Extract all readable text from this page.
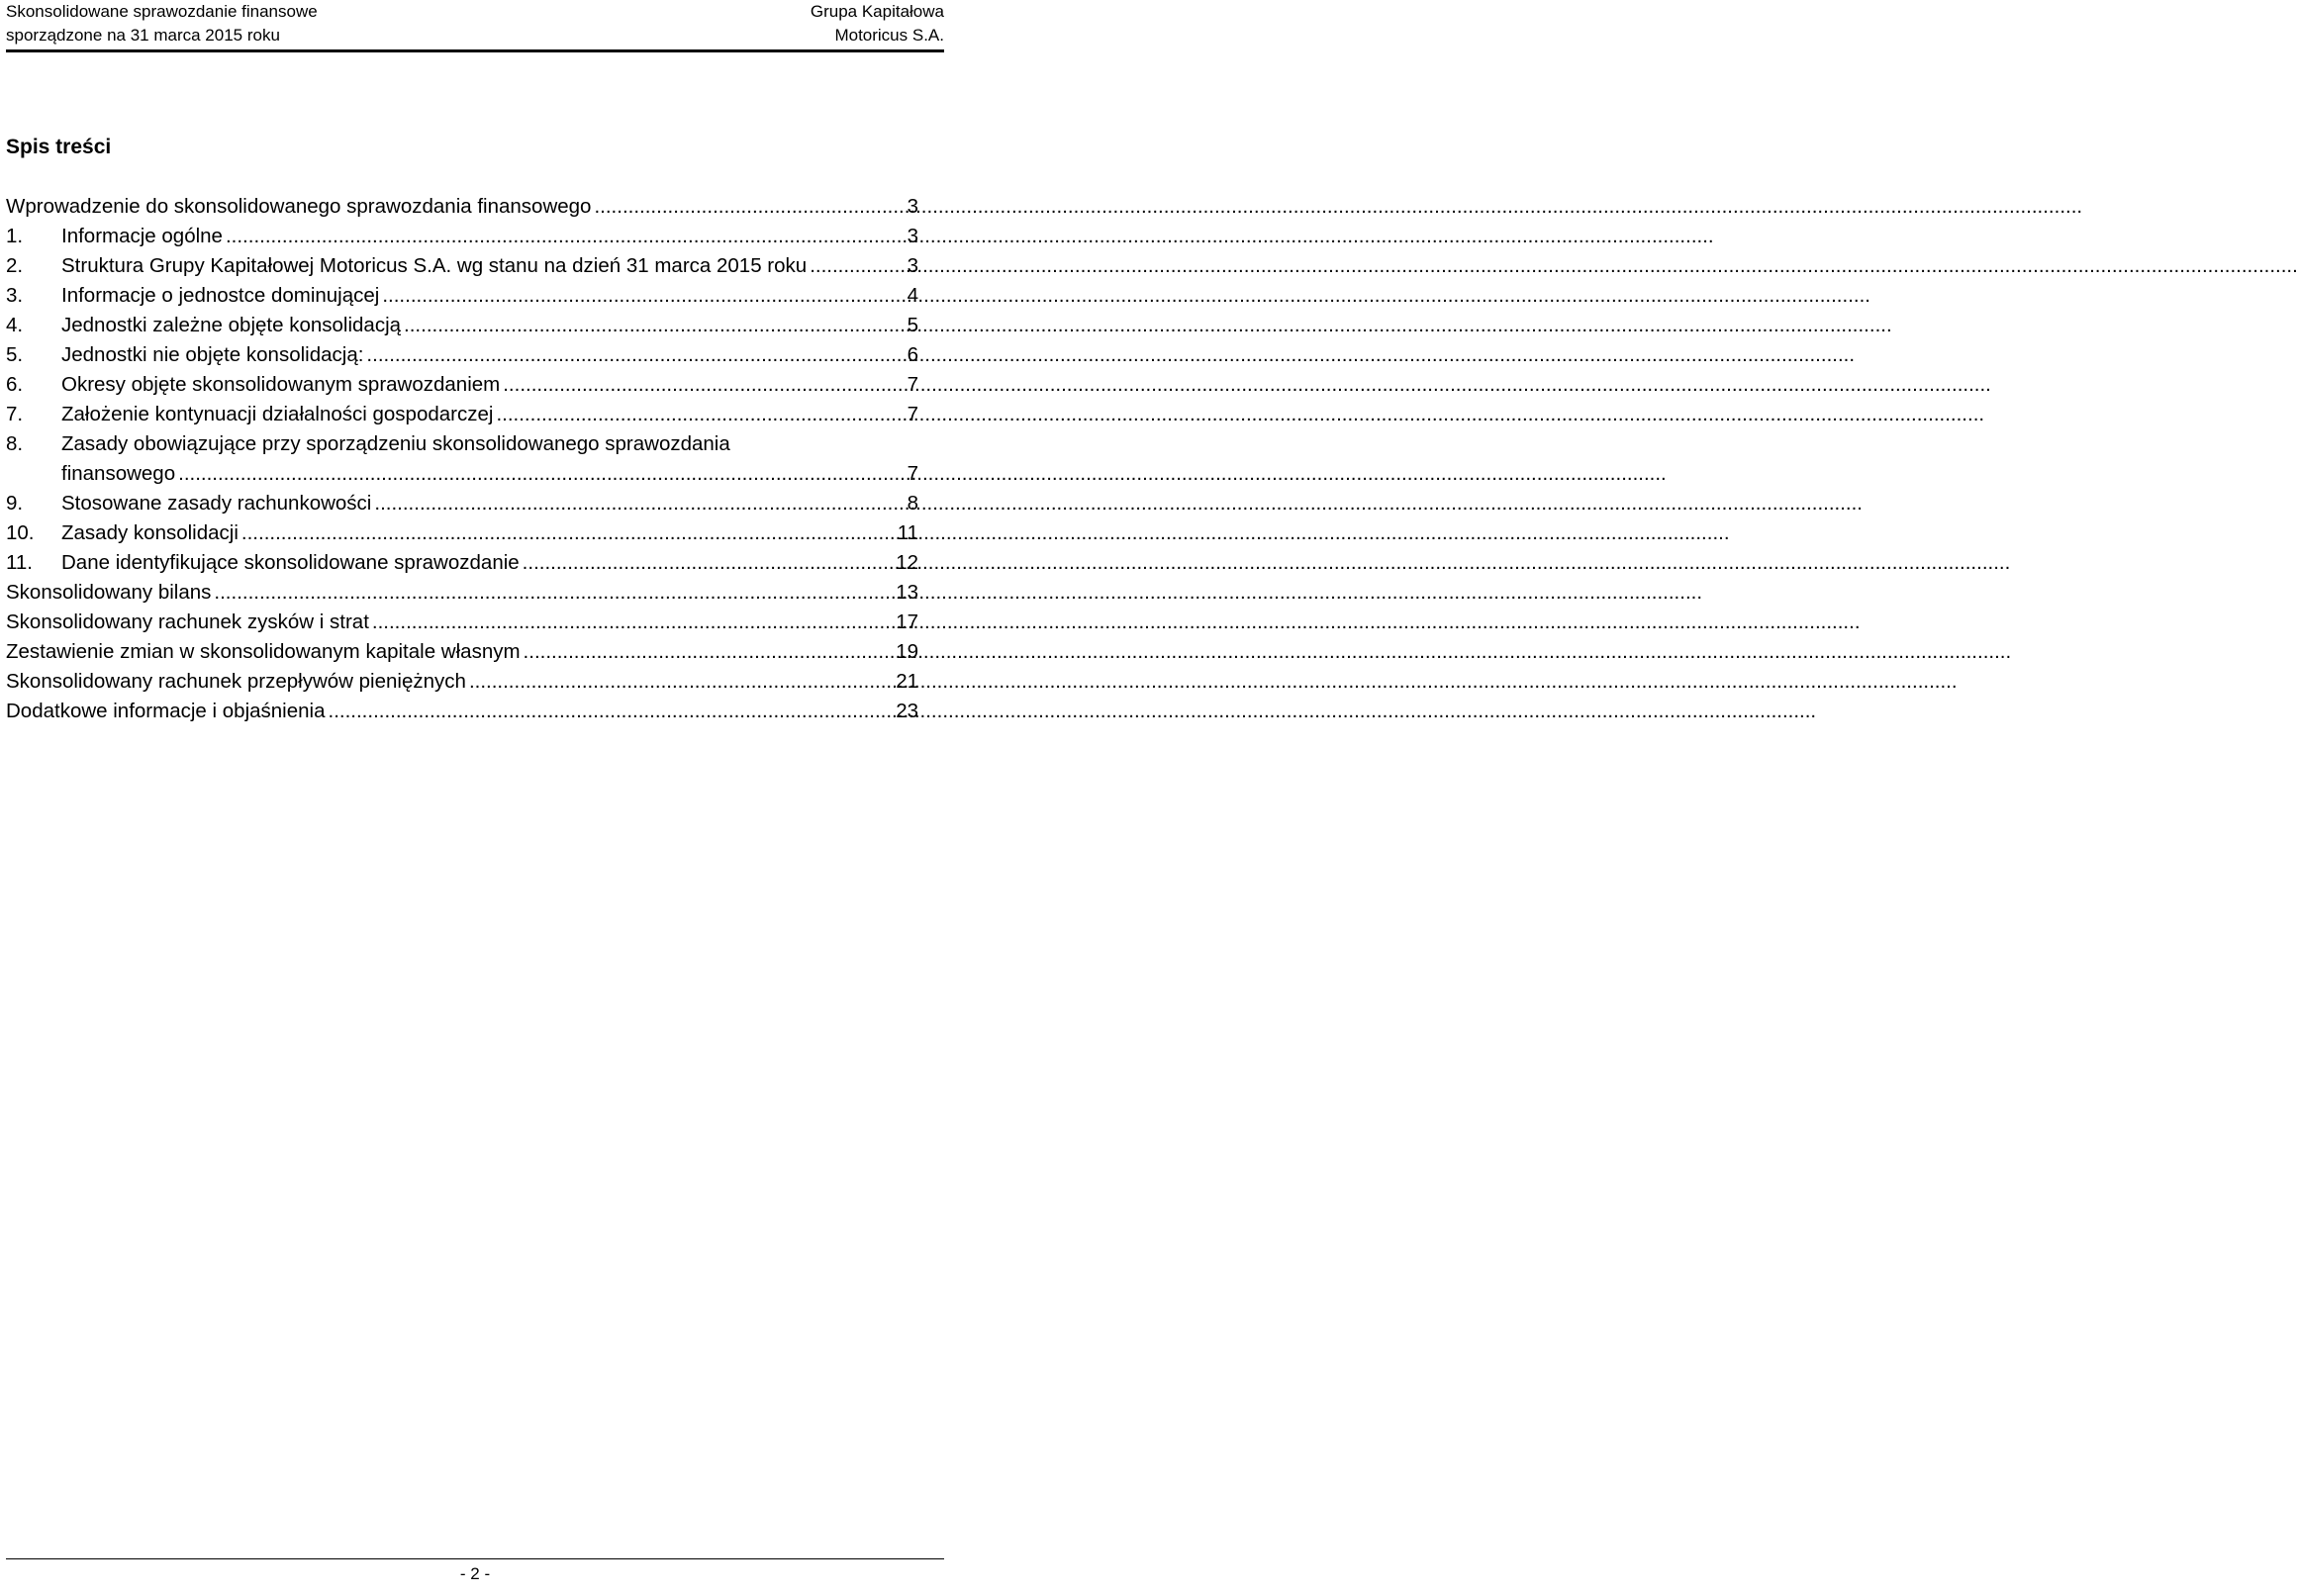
Skonsolidowane sprawozdanie finansowe
sporządzone na 31 marca 2015 roku
Grupa Kapitałowa
Motoricus S.A.
Spis treści
Wprowadzenie do skonsolidowanego sprawozdania finansowego .....	3
1.	Informacje ogólne .....	3
2.	Struktura Grupy Kapitałowej Motoricus S.A. wg stanu na dzień 31 marca 2015 roku .....	3
3.	Informacje o jednostce dominującej .....	4
4.	Jednostki zależne objęte konsolidacją .....	5
5.	Jednostki nie objęte konsolidacją: .....	6
6.	Okresy objęte skonsolidowanym sprawozdaniem .....	7
7.	Założenie kontynuacji działalności gospodarczej .....	7
8.	Zasady obowiązujące przy sporządzeniu skonsolidowanego sprawozdania
finansowego .....	7
9.	Stosowane zasady rachunkowości .....	8
10.	Zasady konsolidacji .....	11
11.	Dane identyfikujące skonsolidowane sprawozdanie .....	12
Skonsolidowany bilans .....	13
Skonsolidowany rachunek zysków i strat .....	17
Zestawienie zmian w skonsolidowanym kapitale własnym .....	19
Skonsolidowany rachunek przepływów pieniężnych .....	21
Dodatkowe informacje i objaśnienia .....	23
- 2 -
